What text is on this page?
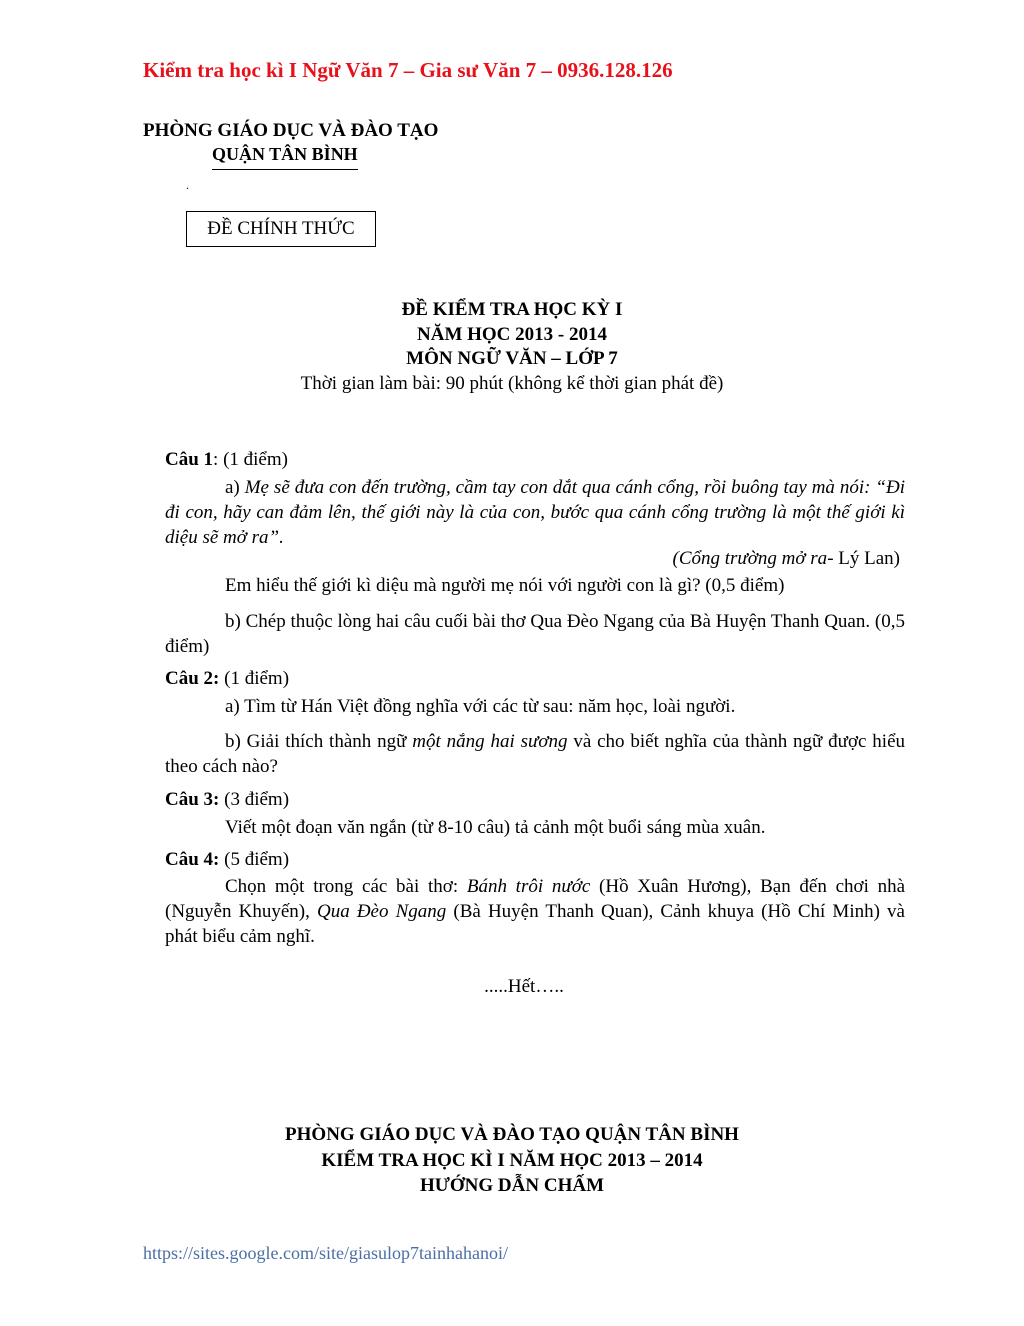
Kiểm tra học kì I Ngữ Văn 7 – Gia sư Văn 7 – 0936.128.126
PHÒNG GIÁO DỤC VÀ ĐÀO TẠO
QUẬN TÂN BÌNH
.
ĐỀ CHÍNH THỨC
ĐỀ KIỂM TRA HỌC KỲ I
NĂM HỌC 2013 - 2014
MÔN NGỮ VĂN – LỚP 7
Thời gian làm bài: 90 phút (không kể thời gian phát đề)
Câu 1: (1 điểm)
a) Mẹ sẽ đưa con đến trường, cầm tay con dắt qua cánh cổng, rồi buông tay mà nói: “Đi đi con, hãy can đảm lên, thế giới này là của con, bước qua cánh cổng trường là một thế giới kì diệu sẽ mở ra”.
(Cổng trường mở ra- Lý Lan)
Em hiểu thế giới kì diệu mà người mẹ nói với người con là gì? (0,5 điểm)
b) Chép thuộc lòng hai câu cuối bài thơ Qua Đèo Ngang của Bà Huyện Thanh Quan. (0,5 điểm)
Câu 2: (1 điểm)
a) Tìm từ Hán Việt đồng nghĩa với các từ sau: năm học, loài người.
b) Giải thích thành ngữ một nắng hai sương và cho biết nghĩa của thành ngữ được hiểu theo cách nào?
Câu 3: (3 điểm)
Viết một đoạn văn ngắn (từ 8-10 câu) tả cảnh một buổi sáng mùa xuân.
Câu 4: (5 điểm)
Chọn một trong các bài thơ: Bánh trôi nước (Hồ Xuân Hương), Bạn đến chơi nhà (Nguyễn Khuyến), Qua Đèo Ngang (Bà Huyện Thanh Quan), Cảnh khuya (Hồ Chí Minh) và phát biểu cảm nghĩ.
.....Hết…..
PHÒNG GIÁO DỤC VÀ ĐÀO TẠO QUẬN TÂN BÌNH
KIỂM TRA HỌC KÌ I NĂM HỌC 2013 – 2014
HƯỚNG DẪN CHẤM
https://sites.google.com/site/giasulop7tainhahanoi/
